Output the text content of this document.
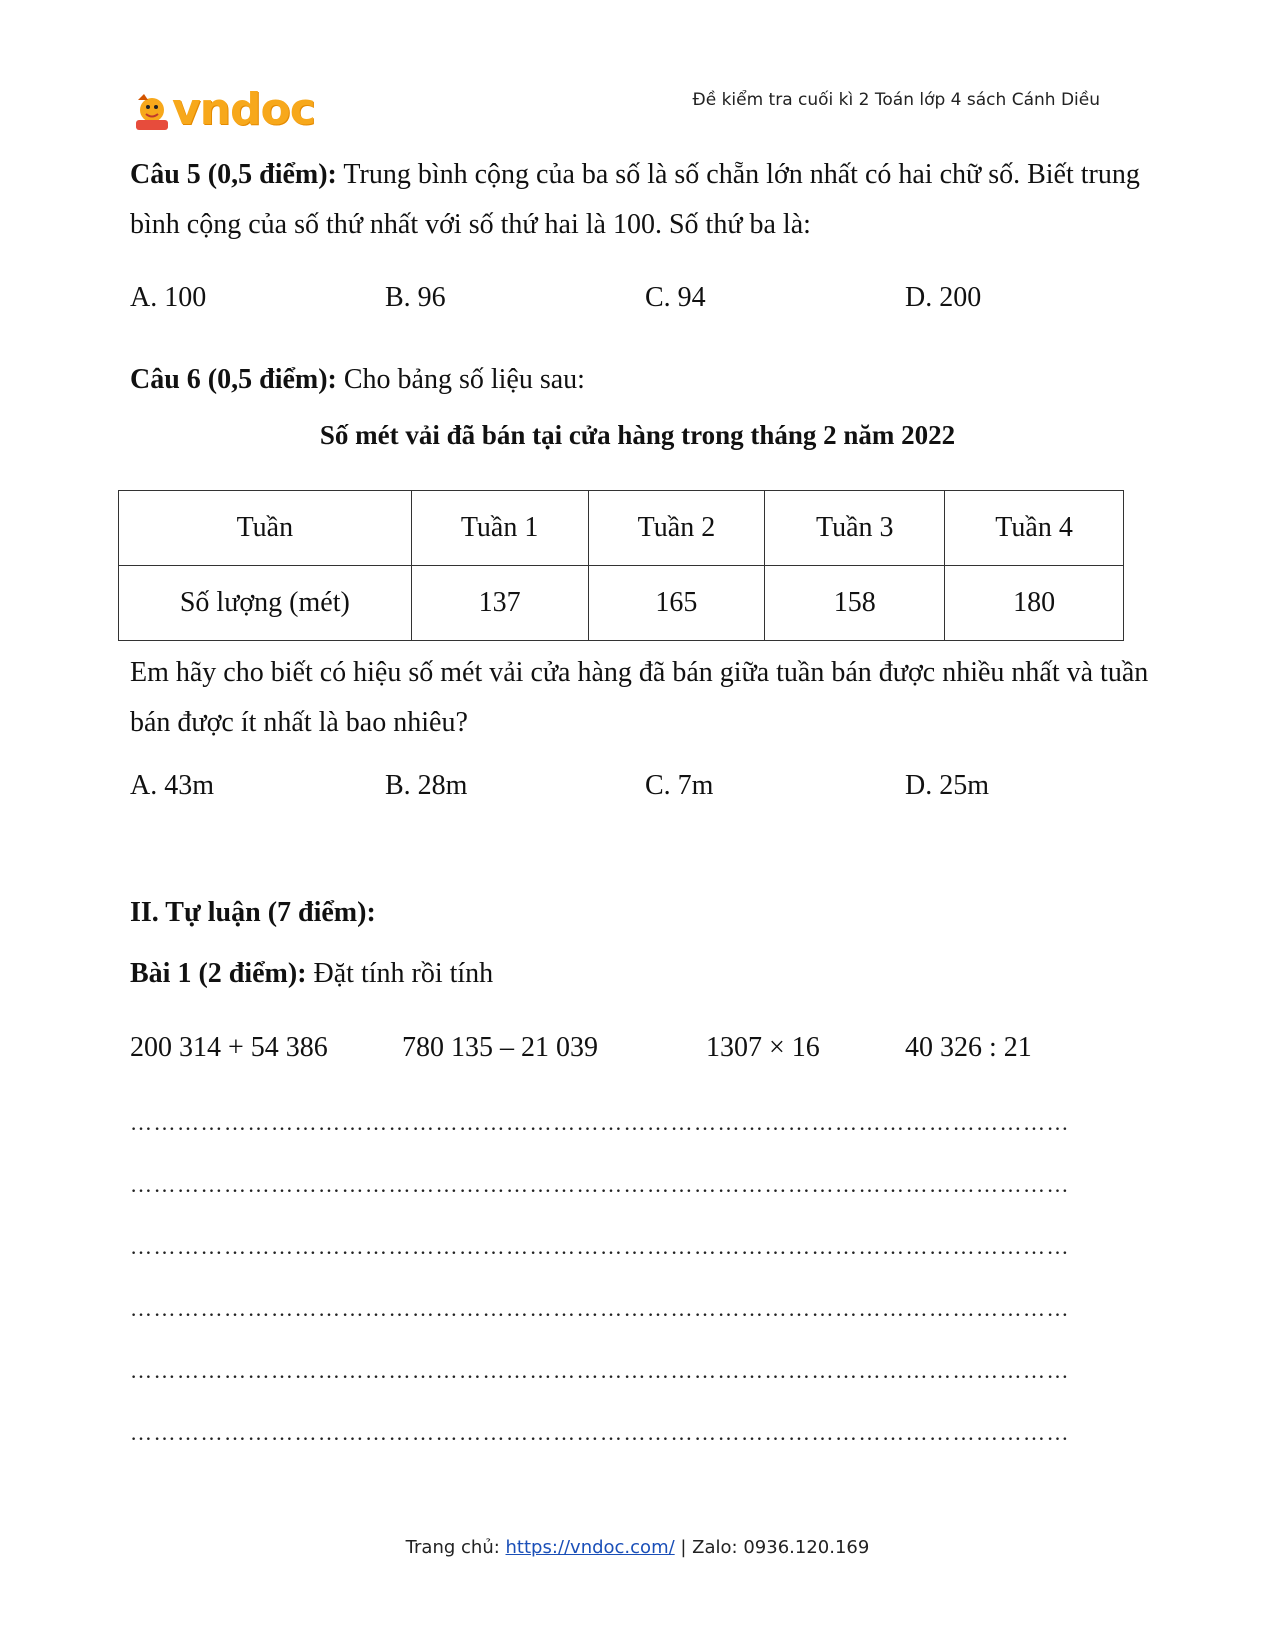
vndoc	Đề kiểm tra cuối kì 2 Toán lớp 4 sách Cánh Diều
Câu 5 (0,5 điểm): Trung bình cộng của ba số là số chẵn lớn nhất có hai chữ số. Biết trung bình cộng của số thứ nhất với số thứ hai là 100. Số thứ ba là:
A. 100	B. 96	C. 94	D. 200
Câu 6 (0,5 điểm): Cho bảng số liệu sau:
Số mét vải đã bán tại cửa hàng trong tháng 2 năm 2022
Tuần	Tuần 1	Tuần 2	Tuần 3	Tuần 4
Số lượng (mét)	137	165	158	180
Em hãy cho biết có hiệu số mét vải cửa hàng đã bán giữa tuần bán được nhiều nhất và tuần bán được ít nhất là bao nhiêu?
A. 43m	B. 28m	C. 7m	D. 25m
II. Tự luận (7 điểm):
Bài 1 (2 điểm): Đặt tính rồi tính
200 314 + 54 386	780 135 – 21 039	1307 × 16	40 326 : 21
…………………………………………………………………………………………………………
…………………………………………………………………………………………………………
…………………………………………………………………………………………………………
…………………………………………………………………………………………………………
…………………………………………………………………………………………………………
…………………………………………………………………………………………………………
Trang chủ: https://vndoc.com/ | Zalo: 0936.120.169
